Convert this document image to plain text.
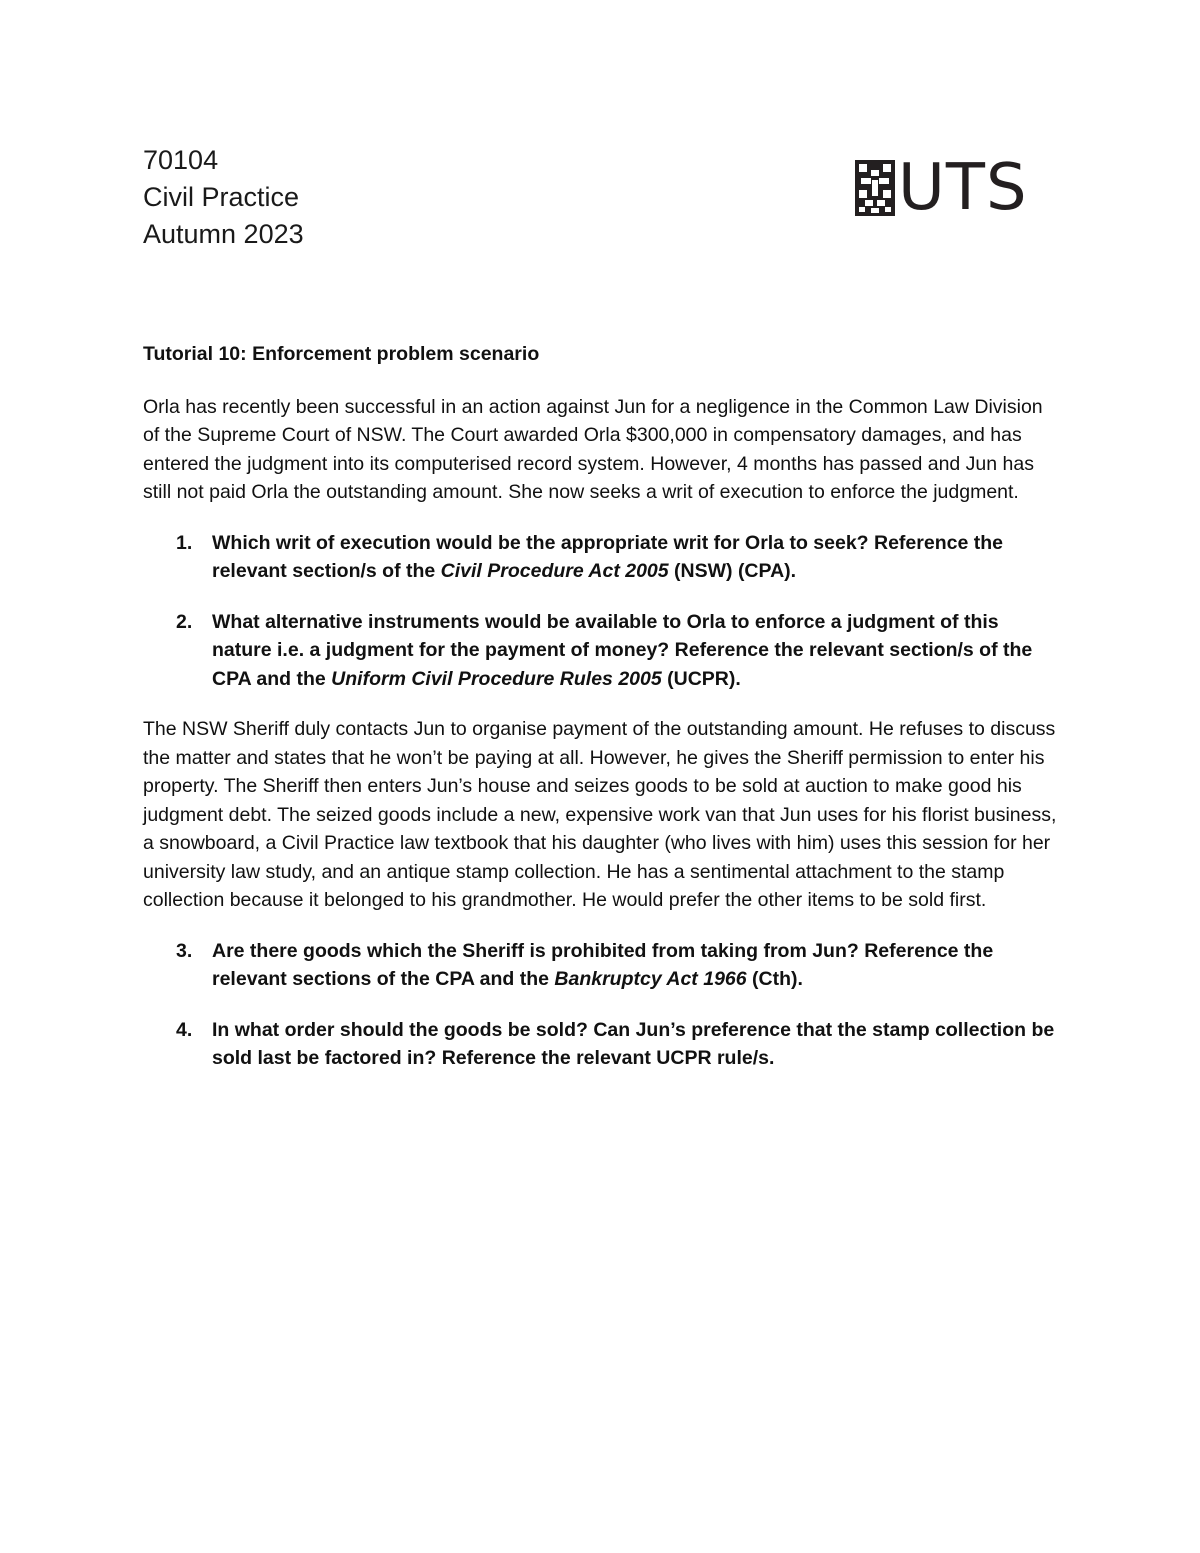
70104
Civil Practice
Autumn 2023
UTS

Tutorial 10: Enforcement problem scenario

Orla has recently been successful in an action against Jun for a negligence in the Common Law Division of the Supreme Court of NSW. The Court awarded Orla $300,000 in compensatory damages, and has entered the judgment into its computerised record system. However, 4 months has passed and Jun has still not paid Orla the outstanding amount. She now seeks a writ of execution to enforce the judgment.

1.	Which writ of execution would be the appropriate writ for Orla to seek? Reference the relevant section/s of the Civil Procedure Act 2005 (NSW) (CPA).
2.	What alternative instruments would be available to Orla to enforce a judgment of this nature i.e. a judgment for the payment of money? Reference the relevant section/s of the CPA and the Uniform Civil Procedure Rules 2005 (UCPR).

The NSW Sheriff duly contacts Jun to organise payment of the outstanding amount. He refuses to discuss the matter and states that he won’t be paying at all. However, he gives the Sheriff permission to enter his property. The Sheriff then enters Jun’s house and seizes goods to be sold at auction to make good his judgment debt. The seized goods include a new, expensive work van that Jun uses for his florist business, a snowboard, a Civil Practice law textbook that his daughter (who lives with him) uses this session for her university law study, and an antique stamp collection. He has a sentimental attachment to the stamp collection because it belonged to his grandmother. He would prefer the other items to be sold first.

3.	Are there goods which the Sheriff is prohibited from taking from Jun? Reference the relevant sections of the CPA and the Bankruptcy Act 1966 (Cth).
4.	In what order should the goods be sold? Can Jun’s preference that the stamp collection be sold last be factored in? Reference the relevant UCPR rule/s.
